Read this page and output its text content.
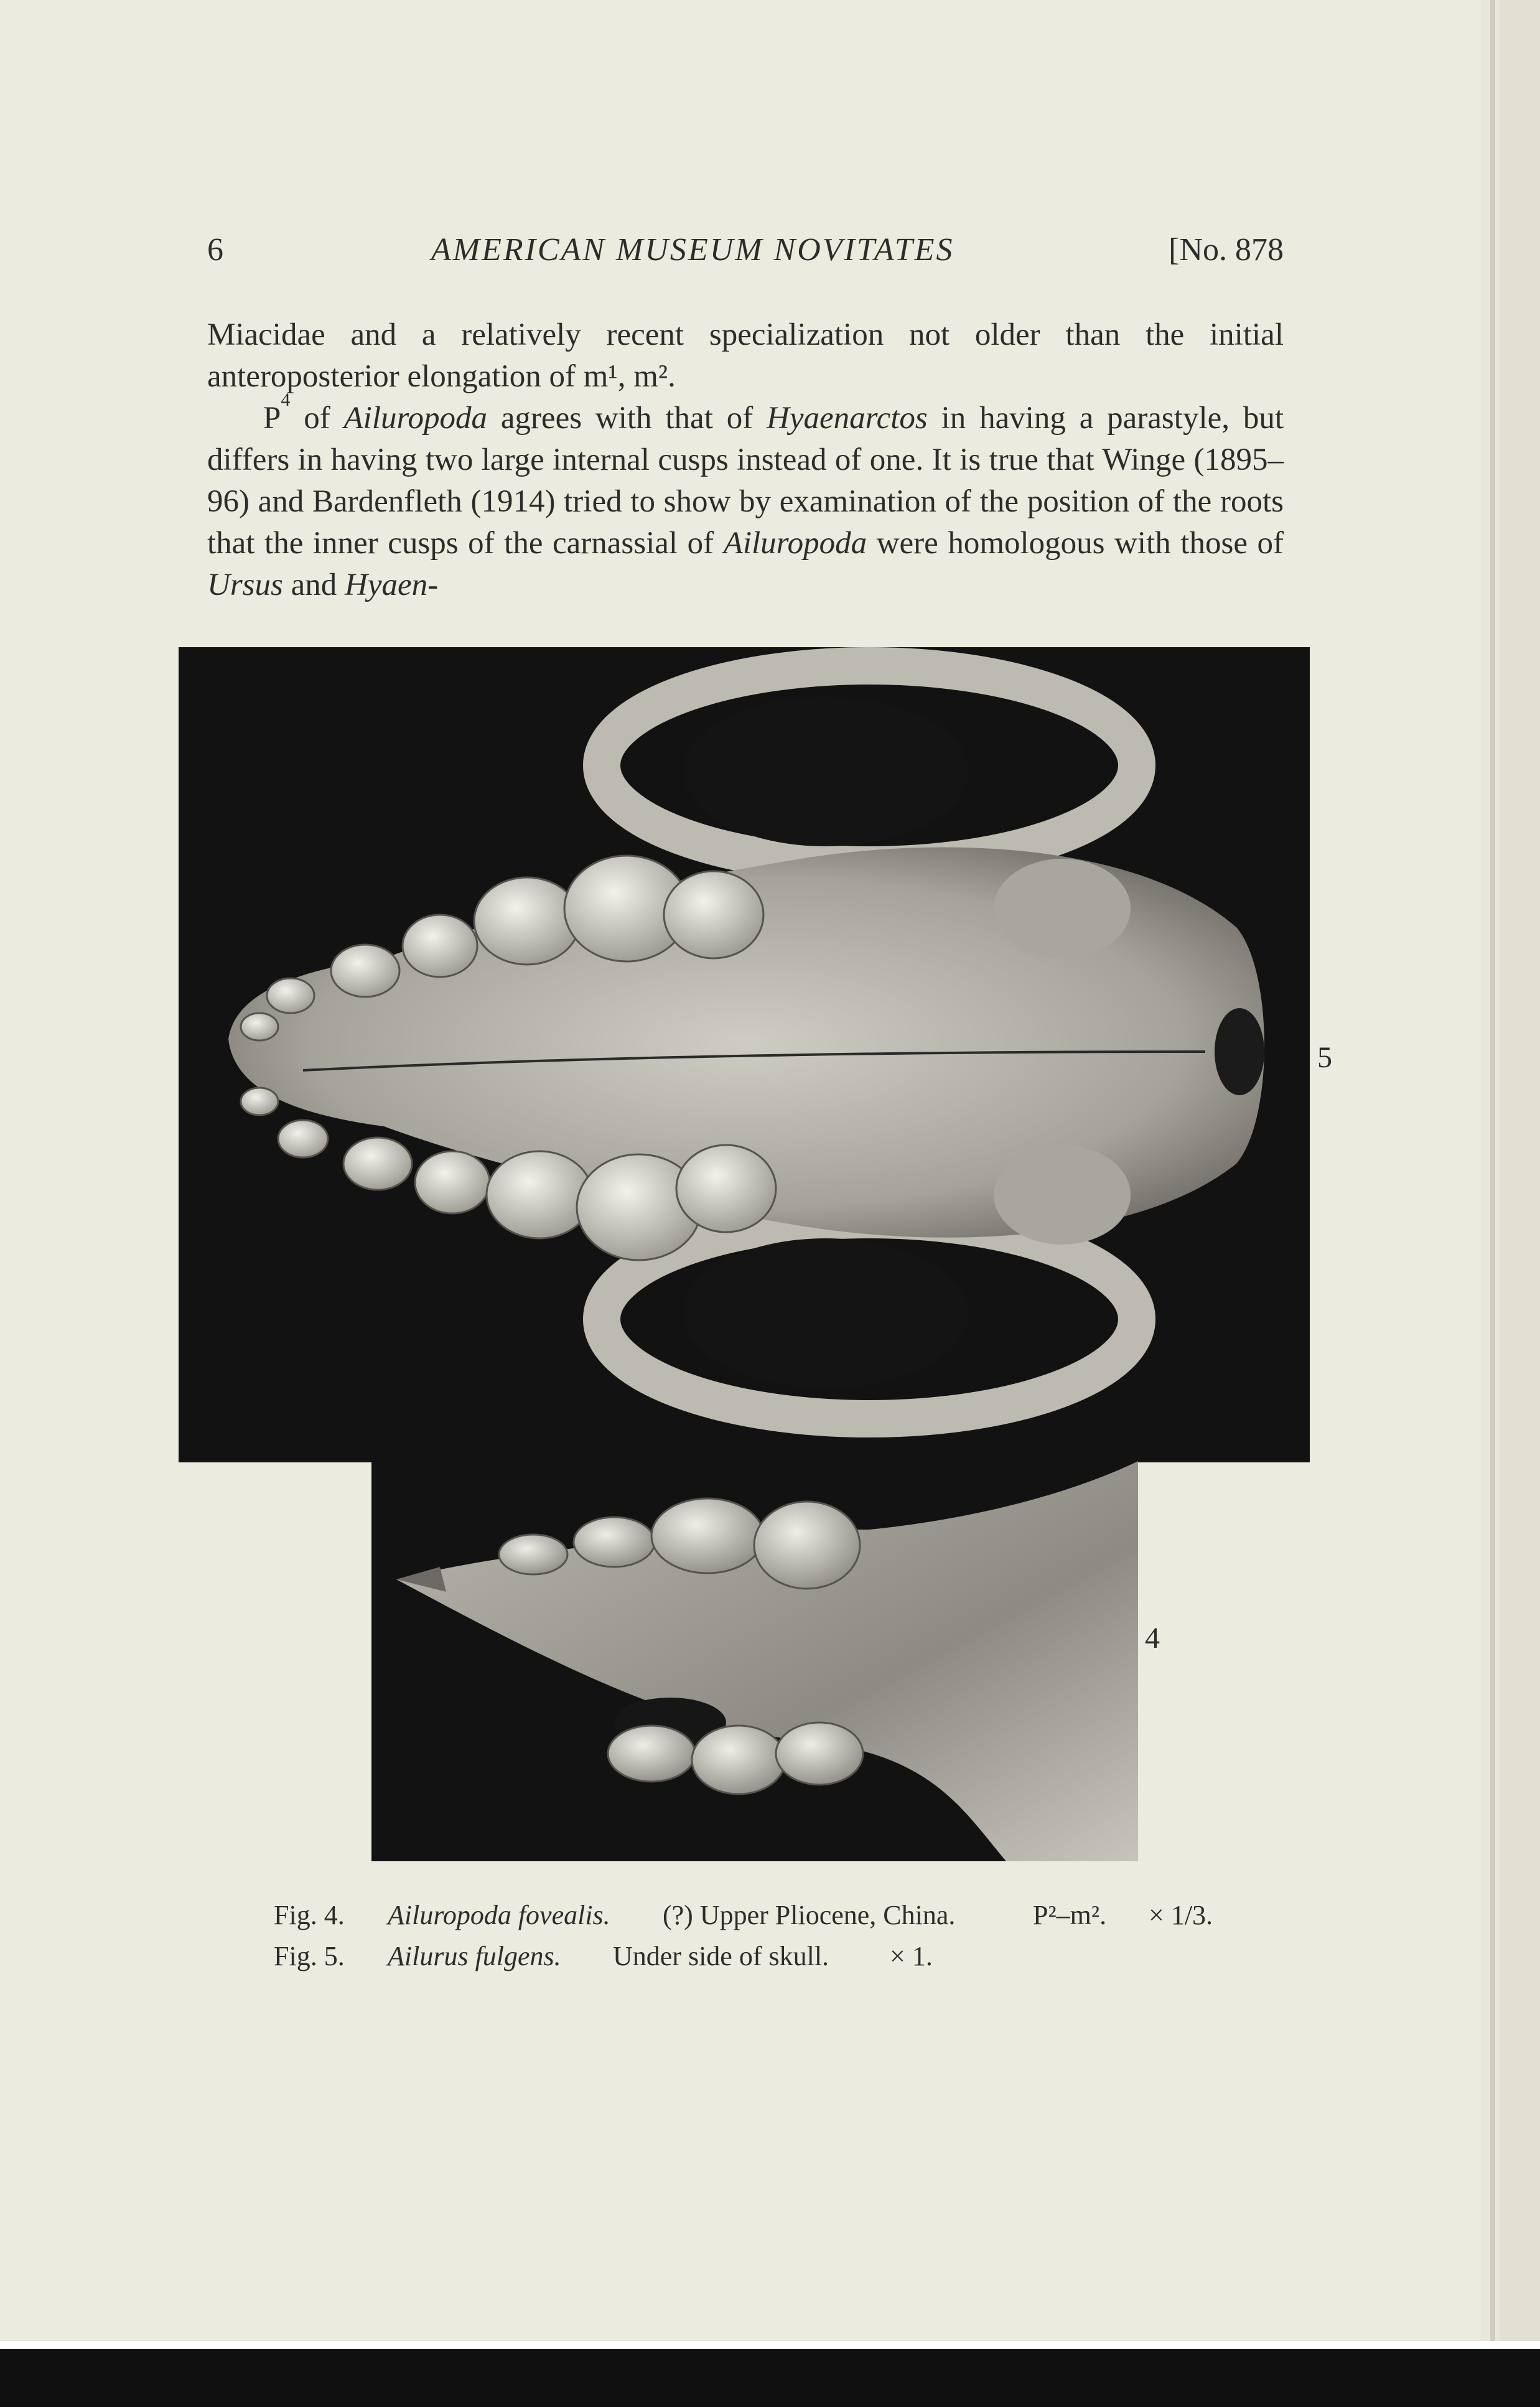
6	AMERICAN MUSEUM NOVITATES	[No. 878

Miacidae and a relatively recent specialization not older than the initial anteroposterior elongation of m¹, m².

$P^4$ of Ailuropoda agrees with that of Hyaenarctos in having a parastyle, but differs in having two large internal cusps instead of one. It is true that Winge (1895–96) and Bardenfleth (1914) tried to show by examination of the position of the roots that the inner cusps of the carnassial of Ailuropoda were homologous with those of Ursus and Hyaen-

5
4
Fig. 4. Ailuropoda fovealis. (?) Upper Pliocene, China.	P²–m². × 1/3.
Fig. 5. Ailurus fulgens. Under side of skull. × 1.
